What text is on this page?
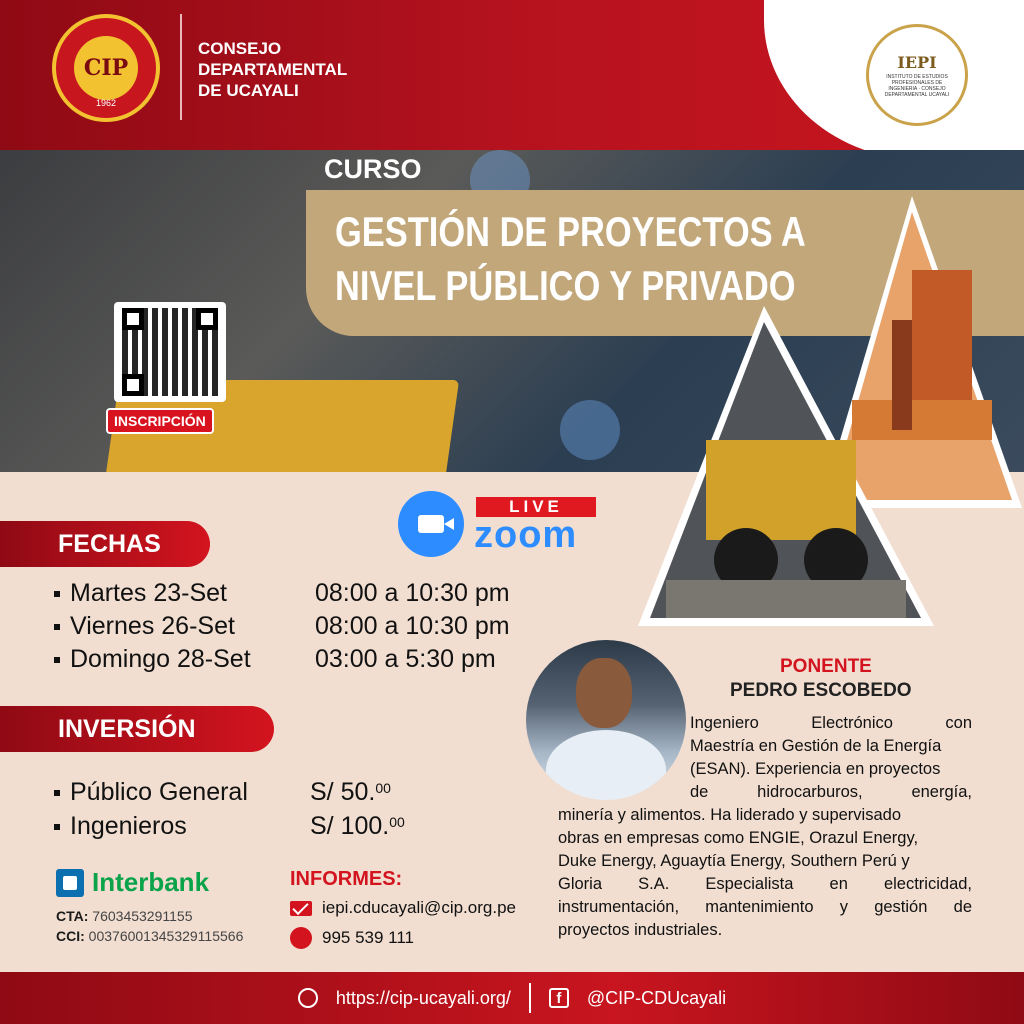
CIP
1962
CONSEJO
DEPARTAMENTAL
DE UCAYALI
IEPI
INSTITUTO DE ESTUDIOS PROFESIONALES DE INGENIERIA · CONSEJO DEPARTAMENTAL UCAYALI
CURSO
GESTIÓN DE PROYECTOS A
NIVEL PÚBLICO Y PRIVADO
INSCRIPCIÓN
LIVE
zoom
FECHAS
Martes 23-Set	08:00 a 10:30 pm
Viernes 26-Set	08:00 a 10:30 pm
Domingo 28-Set	03:00 a 5:30 pm
INVERSIÓN
Público General S/ 50.00
Ingenieros	S/ 100.00
Interbank
CTA: 7603453291155
CCI: 00376001345329115566
INFORMES:
iepi.cducayali@cip.org.pe
995 539 111
PONENTE
PEDRO ESCOBEDO
Ingeniero Electrónico con
Maestría en Gestión de la Energía
(ESAN). Experiencia en proyectos
de hidrocarburos, energía,
minería y alimentos. Ha liderado y supervisado
obras en empresas como ENGIE, Orazul Energy,
Duke Energy, Aguaytía Energy, Southern Perú y
Gloria S.A. Especialista en electricidad,
instrumentación, mantenimiento y gestión de
proyectos industriales.
https://cip-ucayali.org/	f	@CIP-CDUcayali
